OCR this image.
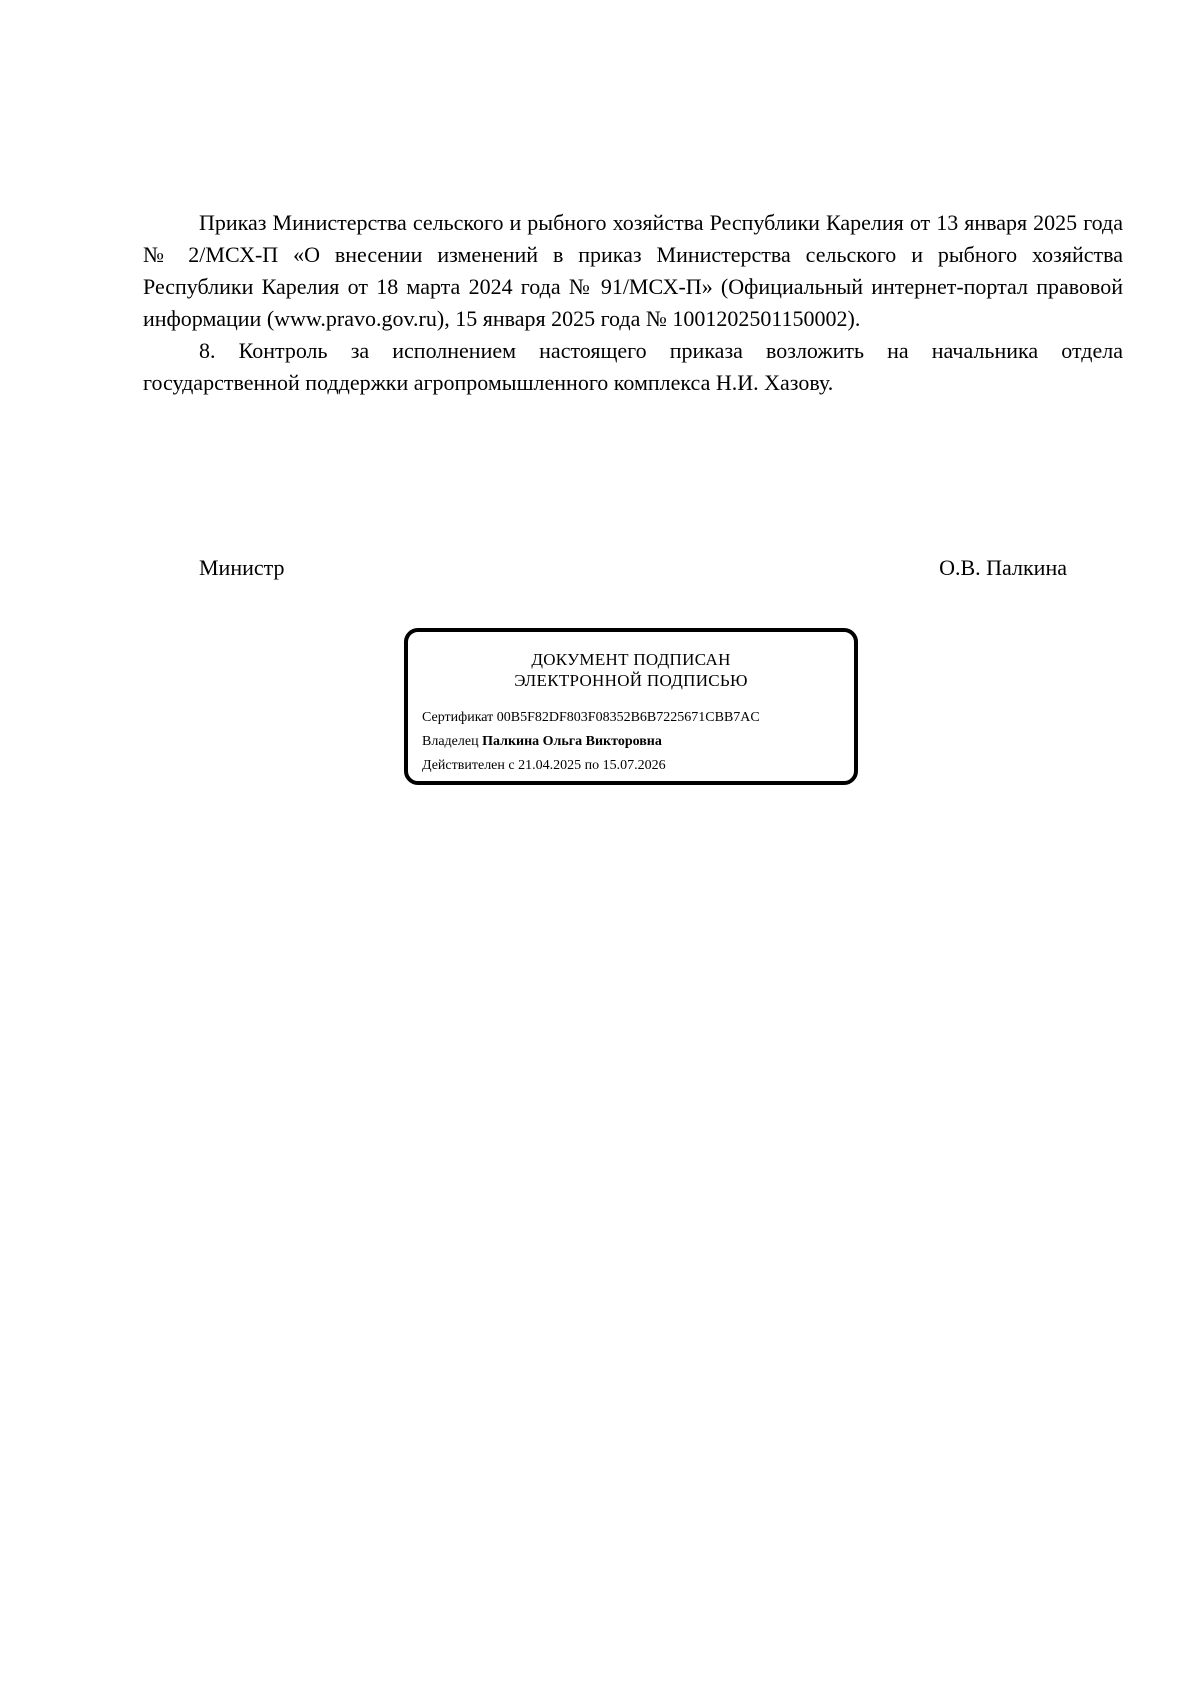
Приказ Министерства сельского и рыбного хозяйства Республики Карелия от 13 января 2025 года № 2/МСХ-П «О внесении изменений в приказ Министерства сельского и рыбного хозяйства Республики Карелия от 18 марта 2024 года № 91/МСХ-П» (Официальный интернет-портал правовой информации (www.pravo.gov.ru), 15 января 2025 года № 1001202501150002).

8. Контроль за исполнением настоящего приказа возложить на начальника отдела государственной поддержки агропромышленного комплекса Н.И. Хазову.

Министр	О.В. Палкина
ДОКУМЕНТ ПОДПИСАН
ЭЛЕКТРОННОЙ ПОДПИСЬЮ
Сертификат 00B5F82DF803F08352B6B7225671CBB7AC
Владелец Палкина Ольга Викторовна
Действителен с 21.04.2025 по 15.07.2026
